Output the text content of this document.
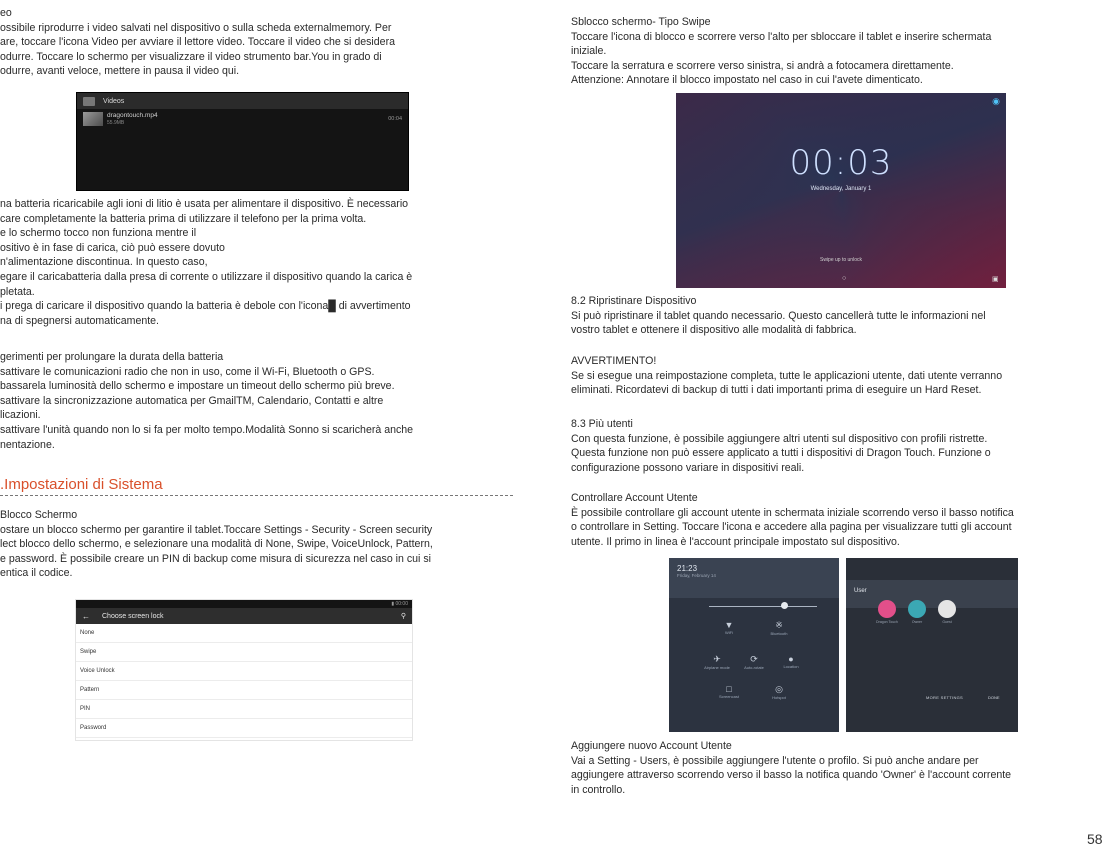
eo

ossibile riprodurre i video salvati nel dispositivo o sulla scheda externalmemory. Per

are, toccare l'icona Video per avviare il lettore video. Toccare il video che si desidera

odurre. Toccare lo schermo per visualizzare il video strumento bar.You in grado di

odurre, avanti veloce, mettere in pausa il video qui.

na batteria ricaricabile agli ioni di litio è usata per alimentare il dispositivo. È necessario

care completamente la batteria prima di utilizzare il telefono per la prima volta.

e lo schermo tocco non funziona mentre il

ositivo è in fase di carica, ciò può essere dovuto

n'alimentazione discontinua. In questo caso,

egare il caricabatteria dalla presa di corrente o utilizzare il dispositivo quando la carica è

pletata.

i prega di caricare il dispositivo quando la batteria è debole con l'icona█ di avvertimento

na di spegnersi automaticamente.

gerimenti per prolungare la durata della batteria

sattivare le comunicazioni radio che non in uso, come il Wi-Fi, Bluetooth o GPS.

bassarela luminosità dello schermo e impostare un timeout dello schermo più breve.

sattivare la sincronizzazione automatica per GmailTM, Calendario, Contatti e altre

licazioni.

sattivare l'unità quando non lo si fa per molto tempo.Modalità Sonno si scaricherà anche

nentazione.

Blocco Schermo

ostare un blocco schermo per garantire il tablet.Toccare Settings - Security - Screen security

lect blocco dello schermo, e selezionare una modalità di None, Swipe, VoiceUnlock, Pattern,

e password. È possibile creare un PIN di backup come misura di sicurezza nel caso in cui si

entica il codice.

.Impostazioni di Sistema
Videos
dragontouch.mp4
55.9MB
00:04
▮ 00:00
← Choose screen lock	⚲
None
Swipe
Voice Unlock
Pattern
PIN
Password

Sblocco schermo- Tipo Swipe

Toccare l'icona di blocco e scorrere verso l'alto per sbloccare il tablet e inserire schermata

iniziale.

Toccare la serratura e scorrere verso sinistra, si andrà a fotocamera direttamente.

Attenzione: Annotare il blocco impostato nel caso in cui l'avete dimenticato.

8.2 Ripristinare Dispositivo

Si può ripristinare il tablet quando necessario. Questo cancellerà tutte le informazioni nel

vostro tablet e ottenere il dispositivo alle modalità di fabbrica.

AVVERTIMENTO!

Se si esegue una reimpostazione completa, tutte le applicazioni utente, dati utente verranno

eliminati. Ricordatevi di backup di tutti i dati importanti prima di eseguire un Hard Reset.

8.3 Più utenti

Con questa funzione, è possibile aggiungere altri utenti sul dispositivo con profili ristrette.

Questa funzione non può essere applicato a tutti i dispositivi di Dragon Touch. Funzione o

configurazione possono variare in dispositivi reali.

Controllare Account Utente

È possibile controllare gli account utente in schermata iniziale scorrendo verso il basso notifica

o controllare in Setting. Toccare l'icona e accedere alla pagina per visualizzare tutti gli account

utente. Il primo in linea è l'account principale impostato sul dispositivo.

Aggiungere nuovo Account Utente

Vai a Setting - Users, è possibile aggiungere l'utente o profilo. Si può anche andare per

aggiungere attraverso scorrendo verso il basso la notifica quando 'Owner' è l'account corrente

in controllo.

◉
00:03
Wednesday, January 1
Swipe up to unlock
○	▣
21:23
Friday, February 14
▼
WiFi
※
Bluetooth
✈
Airplane mode
⟳
Auto-rotate
●
Location
□
Screencast
◎
Hotspot
User
Dragon Touch	Owner	Guest
MORE SETTINGS	DONE
58
